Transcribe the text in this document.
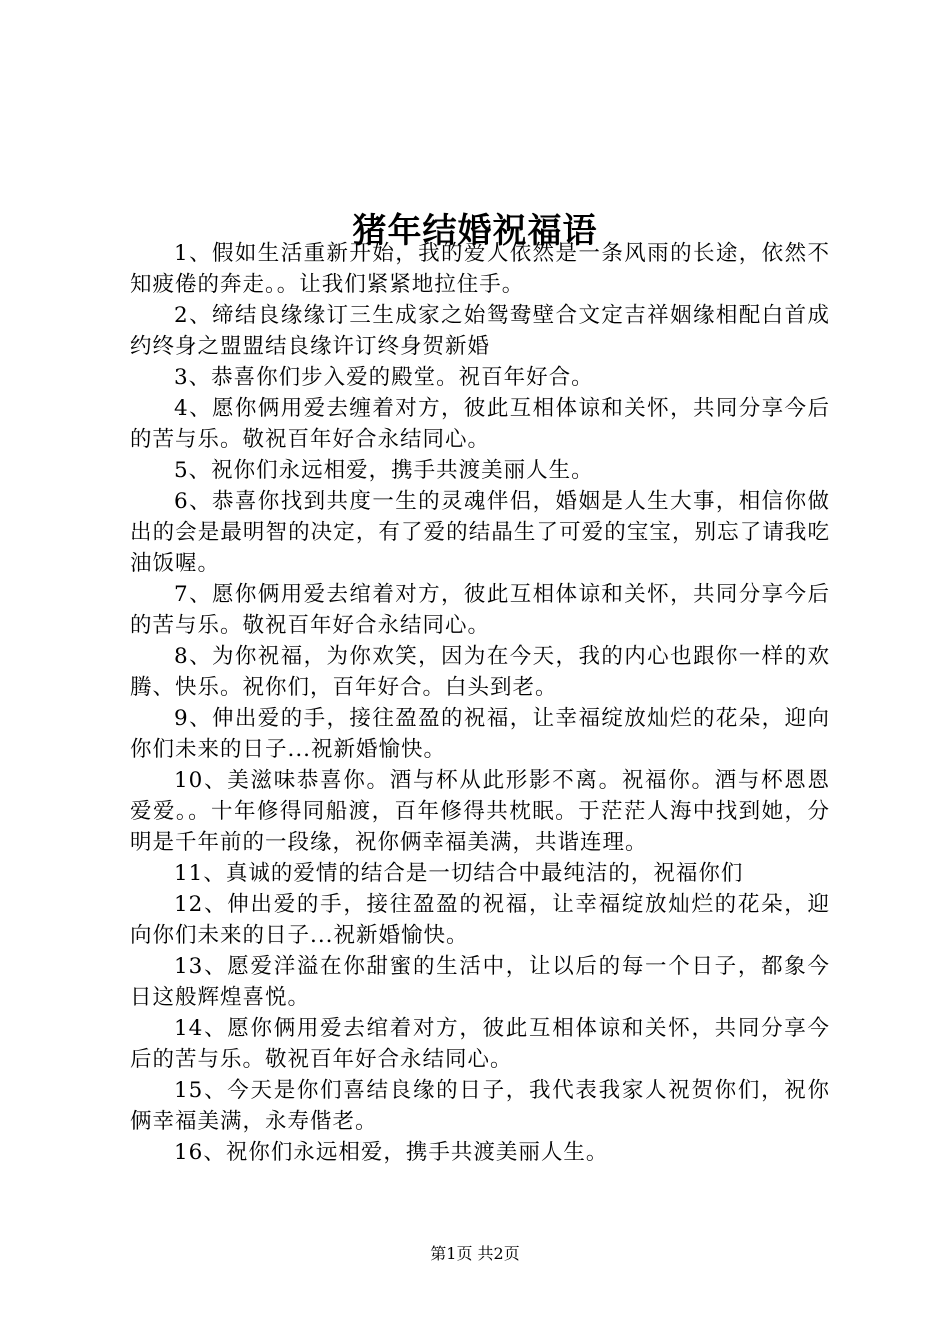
猪年结婚祝福语

1、假如生活重新开始，我的爱人依然是一条风雨的长途，依然不知疲倦的奔走。。让我们紧紧地拉住手。

2、缔结良缘缘订三生成家之始鸳鸯壁合文定吉祥姻缘相配白首成约终身之盟盟结良缘许订终身贺新婚

3、恭喜你们步入爱的殿堂。祝百年好合。

4、愿你俩用爱去缠着对方，彼此互相体谅和关怀，共同分享今后的苦与乐。敬祝百年好合永结同心。

5、祝你们永远相爱，携手共渡美丽人生。

6、恭喜你找到共度一生的灵魂伴侣，婚姻是人生大事，相信你做出的会是最明智的决定，有了爱的结晶生了可爱的宝宝，别忘了请我吃油饭喔。

7、愿你俩用爱去绾着对方，彼此互相体谅和关怀，共同分享今后的苦与乐。敬祝百年好合永结同心。

8、为你祝福，为你欢笑，因为在今天，我的内心也跟你一样的欢腾、快乐。祝你们，百年好合。白头到老。

9、伸出爱的手，接往盈盈的祝福，让幸福绽放灿烂的花朵，迎向你们未来的日子...祝新婚愉快。

10、美滋味恭喜你。酒与杯从此形影不离。祝福你。酒与杯恩恩爱爱。。十年修得同船渡，百年修得共枕眠。于茫茫人海中找到她，分明是千年前的一段缘，祝你俩幸福美满，共谐连理。

11、真诚的爱情的结合是一切结合中最纯洁的，祝福你们

12、伸出爱的手，接往盈盈的祝福，让幸福绽放灿烂的花朵，迎向你们未来的日子...祝新婚愉快。

13、愿爱洋溢在你甜蜜的生活中，让以后的每一个日子，都象今日这般辉煌喜悦。

14、愿你俩用爱去绾着对方，彼此互相体谅和关怀，共同分享今后的苦与乐。敬祝百年好合永结同心。

15、今天是你们喜结良缘的日子，我代表我家人祝贺你们，祝你俩幸福美满，永寿偕老。

16、祝你们永远相爱，携手共渡美丽人生。

第1页 共2页
